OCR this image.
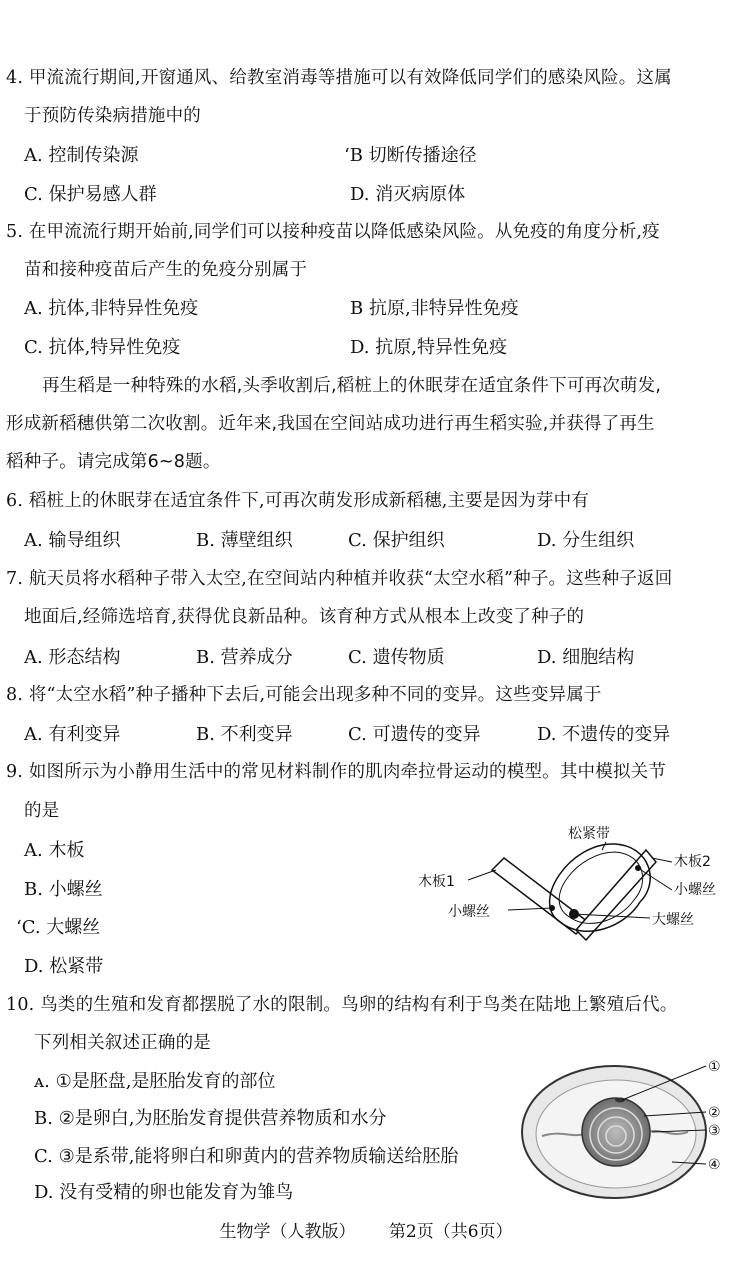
4. 甲流流行期间,开窗通风、给教室消毒等措施可以有效降低同学们的感染风险。这属
于预防传染病措施中的
A. 控制传染源	ʻB 切断传播途径
C. 保护易感人群	D. 消灭病原体
5. 在甲流流行期开始前,同学们可以接种疫苗以降低感染风险。从免疫的角度分析,疫
苗和接种疫苗后产生的免疫分别属于
A. 抗体,非特异性免疫	B 抗原,非特异性免疫
C. 抗体,特异性免疫	D. 抗原,特异性免疫
再生稻是一种特殊的水稻,头季收割后,稻桩上的休眠芽在适宜条件下可再次萌发,
形成新稻穗供第二次收割。近年来,我国在空间站成功进行再生稻实验,并获得了再生
稻种子。请完成第6~8题。
6. 稻桩上的休眠芽在适宜条件下,可再次萌发形成新稻穗,主要是因为芽中有
A. 输导组织	B. 薄壁组织	C. 保护组织	D. 分生组织
7. 航天员将水稻种子带入太空,在空间站内种植并收获“太空水稻”种子。这些种子返回
地面后,经筛选培育,获得优良新品种。该育种方式从根本上改变了种子的
A. 形态结构	B. 营养成分	C. 遗传物质	D. 细胞结构
8. 将“太空水稻”种子播种下去后,可能会出现多种不同的变异。这些变异属于
A. 有利变异	B. 不利变异	C. 可遗传的变异	D. 不遗传的变异
9. 如图所示为小静用生活中的常见材料制作的肌肉牵拉骨运动的模型。其中模拟关节
的是
A. 木板
B. 小螺丝
ʻC. 大螺丝
D. 松紧带
松紧带
木板2
小螺丝
木板1
小螺丝	大螺丝
10. 鸟类的生殖和发育都摆脱了水的限制。鸟卵的结构有利于鸟类在陆地上繁殖后代。
下列相关叙述正确的是
ᴀ. ①是胚盘,是胚胎发育的部位
B. ②是卵白,为胚胎发育提供营养物质和水分
C. ③是系带,能将卵白和卵黄内的营养物质输送给胚胎
D. 没有受精的卵也能发育为雏鸟
①
②
③
④
生物学（人教版） 第2页（共6页）
